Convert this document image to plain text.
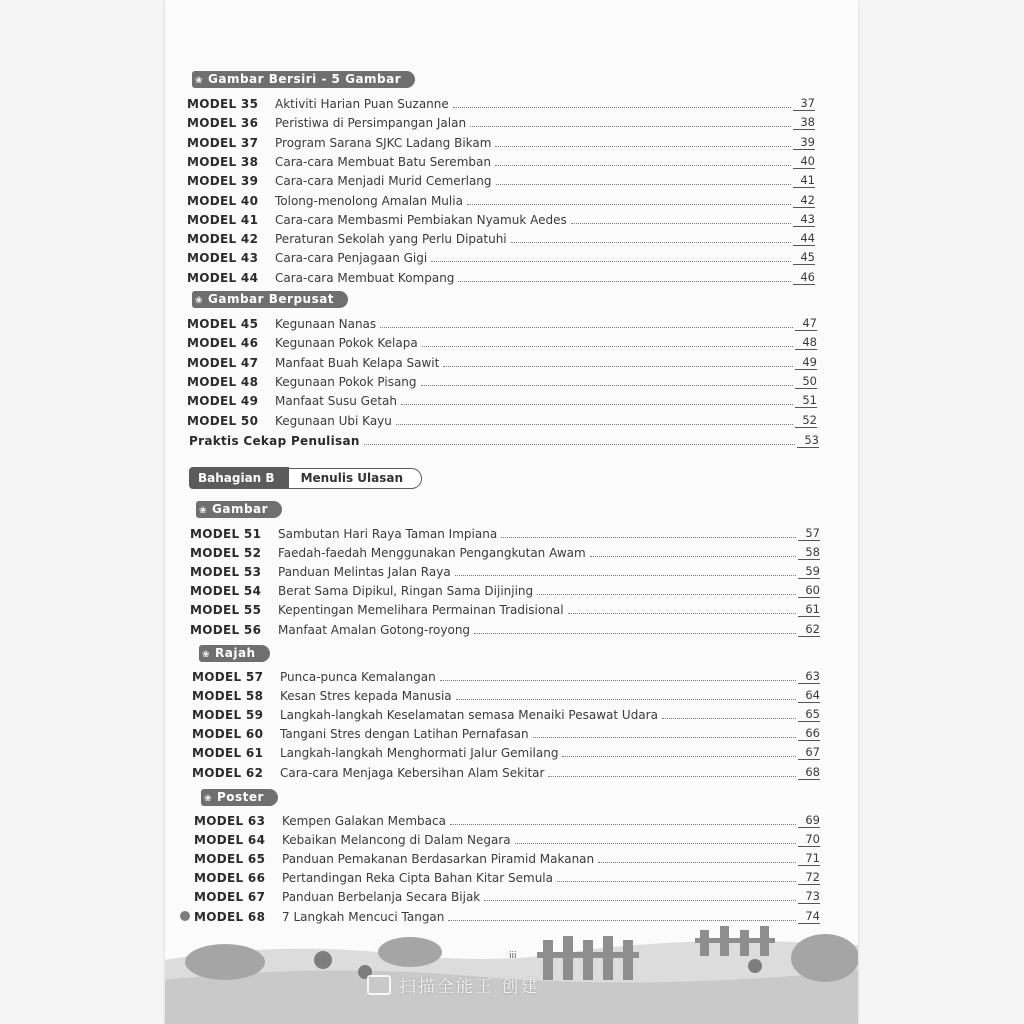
❀ Gambar Bersiri - 5 Gambar
MODEL 35	Aktiviti Harian Puan Suzanne	37
MODEL 36	Peristiwa di Persimpangan Jalan	38
MODEL 37	Program Sarana SJKC Ladang Bikam	39
MODEL 38	Cara-cara Membuat Batu Seremban	40
MODEL 39	Cara-cara Menjadi Murid Cemerlang	41
MODEL 40	Tolong-menolong Amalan Mulia	42
MODEL 41	Cara-cara Membasmi Pembiakan Nyamuk Aedes	43
MODEL 42	Peraturan Sekolah yang Perlu Dipatuhi	44
MODEL 43	Cara-cara Penjagaan Gigi	45
MODEL 44	Cara-cara Membuat Kompang	46
❀ Gambar Berpusat
MODEL 45	Kegunaan Nanas	47
MODEL 46	Kegunaan Pokok Kelapa	48
MODEL 47	Manfaat Buah Kelapa Sawit	49
MODEL 48	Kegunaan Pokok Pisang	50
MODEL 49	Manfaat Susu Getah	51
MODEL 50	Kegunaan Ubi Kayu	52
Praktis Cekap Penulisan	53
❀ Gambar
MODEL 51	Sambutan Hari Raya Taman Impiana	57
MODEL 52	Faedah-faedah Menggunakan Pengangkutan Awam	58
MODEL 53	Panduan Melintas Jalan Raya	59
MODEL 54	Berat Sama Dipikul, Ringan Sama Dijinjing	60
MODEL 55	Kepentingan Memelihara Permainan Tradisional	61
MODEL 56	Manfaat Amalan Gotong-royong	62
❀ Rajah
MODEL 57	Punca-punca Kemalangan	63
MODEL 58	Kesan Stres kepada Manusia	64
MODEL 59	Langkah-langkah Keselamatan semasa Menaiki Pesawat Udara	65
MODEL 60	Tangani Stres dengan Latihan Pernafasan	66
MODEL 61	Langkah-langkah Menghormati Jalur Gemilang	67
MODEL 62	Cara-cara Menjaga Kebersihan Alam Sekitar	68
❀ Poster
MODEL 63	Kempen Galakan Membaca	69
MODEL 64	Kebaikan Melancong di Dalam Negara	70
MODEL 65	Panduan Pemakanan Berdasarkan Piramid Makanan	71
MODEL 66	Pertandingan Reka Cipta Bahan Kitar Semula	72
MODEL 67	Panduan Berbelanja Secara Bijak	73
MODEL 68	7 Langkah Mencuci Tangan	74
Bahagian B	Menulis Ulasan
iii
扫描全能王 创建
